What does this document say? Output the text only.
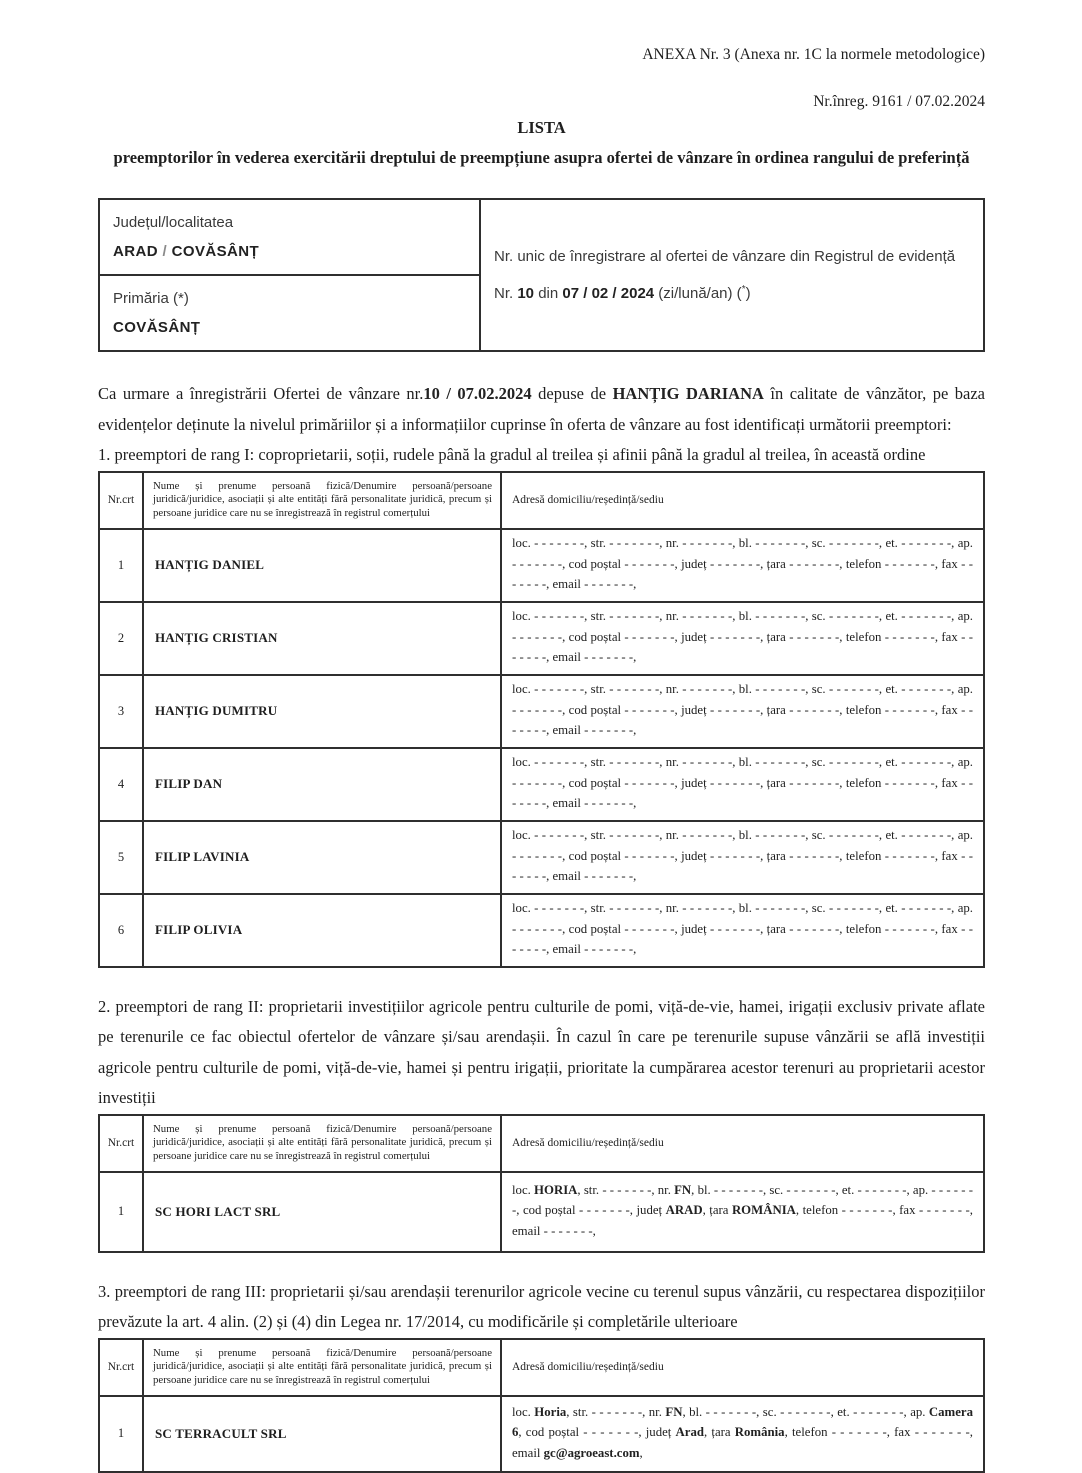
ANEXA Nr. 3 (Anexa nr. 1C la normele metodologice)
Nr.înreg. 9161 / 07.02.2024
LISTA
preemptorilor în vederea exercitării dreptului de preempțiune asupra ofertei de vânzare în ordinea rangului de preferință
Județul/localitatea
ARAD / COVĂSÂNȚ	Nr. unic de înregistrare al ofertei de vânzare din Registrul de evidență

Nr. 10 din 07 / 02 / 2024 (zi/lună/an) (*)

Primăria (*)
COVĂSÂNȚ

Ca urmare a înregistrării Ofertei de vânzare nr.10 / 07.02.2024 depuse de HANȚIG DARIANA în calitate de vânzător, pe baza evidențelor deținute la nivelul primăriilor și a informațiilor cuprinse în oferta de vânzare au fost identificați următorii preemptori:

1. preemptori de rang I: coproprietarii, soții, rudele până la gradul al treilea și afinii până la gradul al treilea, în această ordine

Nr.crt	Nume și prenume persoană fizică/Denumire persoană/persoane juridică/juridice, asociații și alte entități fără personalitate juridică, precum și persoane juridice care nu se înregistrează în registrul comerțului	Adresă domiciliu/reședință/sediu
1	HANȚIG DANIEL	loc. - - - - - - -, str. - - - - - - -, nr. - - - - - - -, bl. - - - - - - -, sc. - - - - - - -, et. - - - - - - -, ap. - - - - - - -, cod poștal - - - - - - -, județ - - - - - - -, țara - - - - - - -, telefon - - - - - - -, fax - - - - - - -, email - - - - - - -,
2	HANȚIG CRISTIAN	loc. - - - - - - -, str. - - - - - - -, nr. - - - - - - -, bl. - - - - - - -, sc. - - - - - - -, et. - - - - - - -, ap. - - - - - - -, cod poștal - - - - - - -, județ - - - - - - -, țara - - - - - - -, telefon - - - - - - -, fax - - - - - - -, email - - - - - - -,
3	HANȚIG DUMITRU	loc. - - - - - - -, str. - - - - - - -, nr. - - - - - - -, bl. - - - - - - -, sc. - - - - - - -, et. - - - - - - -, ap. - - - - - - -, cod poștal - - - - - - -, județ - - - - - - -, țara - - - - - - -, telefon - - - - - - -, fax - - - - - - -, email - - - - - - -,
4	FILIP DAN	loc. - - - - - - -, str. - - - - - - -, nr. - - - - - - -, bl. - - - - - - -, sc. - - - - - - -, et. - - - - - - -, ap. - - - - - - -, cod poștal - - - - - - -, județ - - - - - - -, țara - - - - - - -, telefon - - - - - - -, fax - - - - - - -, email - - - - - - -,
5	FILIP LAVINIA	loc. - - - - - - -, str. - - - - - - -, nr. - - - - - - -, bl. - - - - - - -, sc. - - - - - - -, et. - - - - - - -, ap. - - - - - - -, cod poștal - - - - - - -, județ - - - - - - -, țara - - - - - - -, telefon - - - - - - -, fax - - - - - - -, email - - - - - - -,
6	FILIP OLIVIA	loc. - - - - - - -, str. - - - - - - -, nr. - - - - - - -, bl. - - - - - - -, sc. - - - - - - -, et. - - - - - - -, ap. - - - - - - -, cod poștal - - - - - - -, județ - - - - - - -, țara - - - - - - -, telefon - - - - - - -, fax - - - - - - -, email - - - - - - -,

2. preemptori de rang II: proprietarii investițiilor agricole pentru culturile de pomi, viță-de-vie, hamei, irigații exclusiv private aflate pe terenurile ce fac obiectul ofertelor de vânzare și/sau arendașii. În cazul în care pe terenurile supuse vânzării se află investiții agricole pentru culturile de pomi, viță-de-vie, hamei și pentru irigații, prioritate la cumpărarea acestor terenuri au proprietarii acestor investiții

Nr.crt	Nume și prenume persoană fizică/Denumire persoană/persoane juridică/juridice, asociații și alte entități fără personalitate juridică, precum și persoane juridice care nu se înregistrează în registrul comerțului	Adresă domiciliu/reședință/sediu
1	SC HORI LACT SRL	loc. HORIA, str. - - - - - - -, nr. FN, bl. - - - - - - -, sc. - - - - - - -, et. - - - - - - -, ap. - - - - - - -, cod poștal - - - - - - -, județ ARAD, țara ROMÂNIA, telefon - - - - - - -, fax - - - - - - -, email - - - - - - -,

3. preemptori de rang III: proprietarii și/sau arendașii terenurilor agricole vecine cu terenul supus vânzării, cu respectarea dispozițiilor prevăzute la art. 4 alin. (2) și (4) din Legea nr. 17/2014, cu modificările și completările ulterioare

Nr.crt	Nume și prenume persoană fizică/Denumire persoană/persoane juridică/juridice, asociații și alte entități fără personalitate juridică, precum și persoane juridice care nu se înregistrează în registrul comerțului	Adresă domiciliu/reședință/sediu
1	SC TERRACULT SRL	loc. Horia, str. - - - - - - -, nr. FN, bl. - - - - - - -, sc. - - - - - - -, et. - - - - - - -, ap. Camera 6, cod poștal - - - - - - -, județ Arad, țara România, telefon - - - - - - -, fax - - - - - - -, email gc@agroeast.com,
